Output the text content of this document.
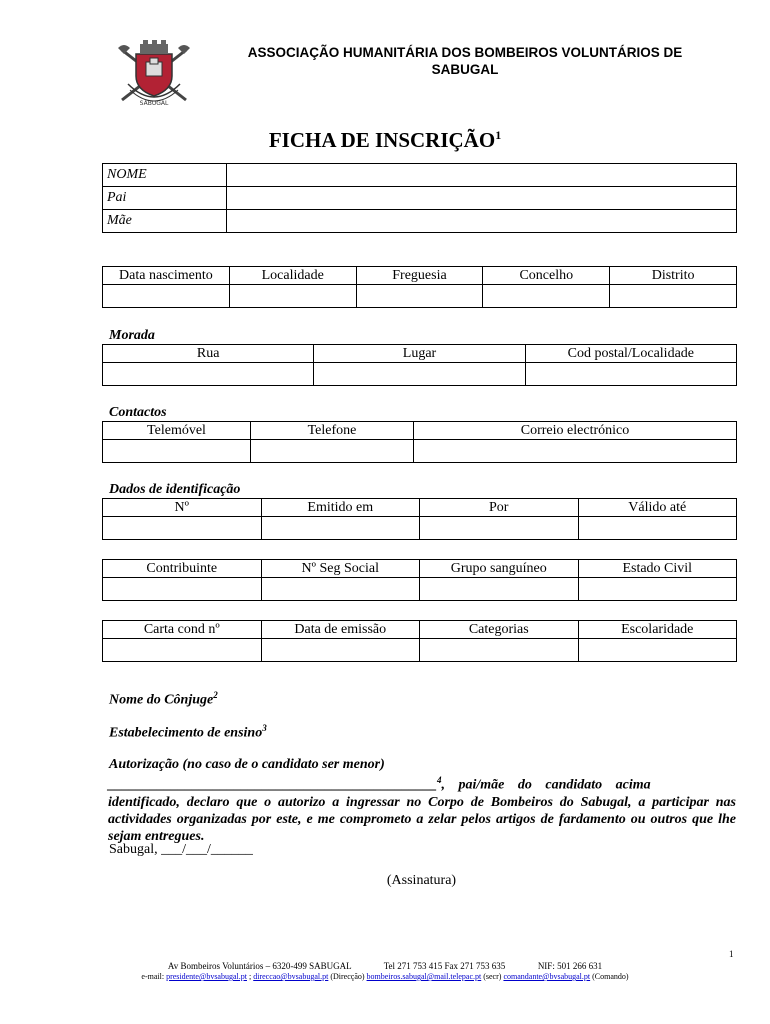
SABUGAL
ASSOCIAÇÃO HUMANITÁRIA DOS BOMBEIROS VOLUNTÁRIOS DE
SABUGAL
FICHA DE INSCRIÇÃO$^1$
NOME	
Pai	
Mãe	
Data nascimento	Localidade	Freguesia	Concelho	Distrito

Morada
Rua	Lugar	Cod postal/Localidade

Contactos
Telemóvel	Telefone	Correio electrónico

Dados de identificação
Nº	Emitido em	Por	Válido até

Contribuinte	Nº Seg Social	Grupo sanguíneo	Estado Civil

Carta cond nº	Data de emissão	Categorias	Escolaridade

Nome do Cônjuge$^2$
Estabelecimento de ensino$^3$
Autorização (no caso de o candidato ser menor)
_______________________________________________$^4$, pai/mãe do candidato acima
identificado, declaro que o autorizo a ingressar no Corpo de Bombeiros do Sabugal, a participar nas actividades organizadas por este, e me comprometo a zelar pelos artigos de fardamento ou outros que lhe sejam entregues.
Sabugal, ___/___/______
(Assinatura)
1
Av Bombeiros Voluntários – 6320-499 SABUGAL	Tel 271 753 415 Fax 271 753 635	NIF: 501 266 631
e-mail: presidente@bvsabugal.pt ; direccao@bvsabugal.pt (Direcção) bombeiros.sabugal@mail.telepac.pt (secr) comandante@bvsabugal.pt (Comando)
